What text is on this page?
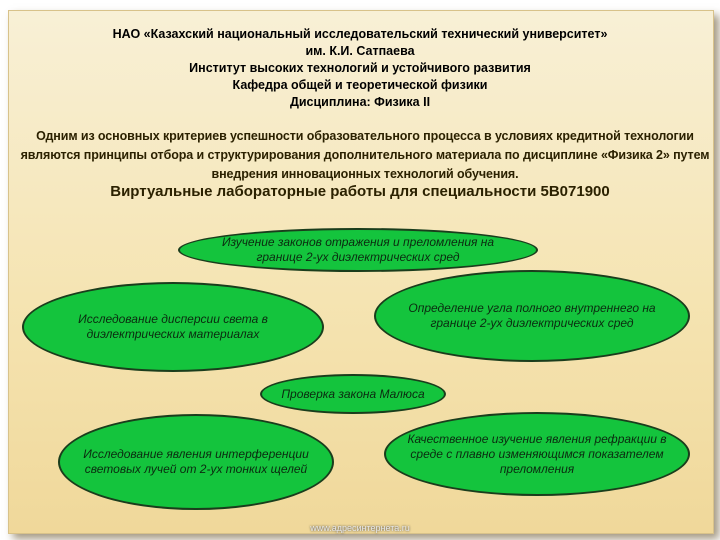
НАО «Казахский национальный исследовательский технический университет»
им. К.И. Сатпаева
Институт высоких технологий и устойчивого развития
Кафедра общей и теоретической физики
Дисциплина: Физика II
Одним из основных критериев успешности образовательного процесса в условиях кредитной технологии являются принципы отбора и структурирования дополнительного материала по дисциплине «Физика 2» путем внедрения инновационных технологий обучения.
Виртуальные лабораторные работы для специальности 5В071900
Изучение законов отражения и преломления на границе 2-ух диэлектрических сред
Исследование дисперсии света в диэлектрических материалах
Определение угла полного внутреннего на границе 2-ух диэлектрических сред
Проверка закона Малюса
Исследование явления интерференции световых лучей от 2-ух тонких щелей
Качественное изучение явления рефракции в среде с плавно изменяющимся показателем преломления
www.адресинтернета.ru
